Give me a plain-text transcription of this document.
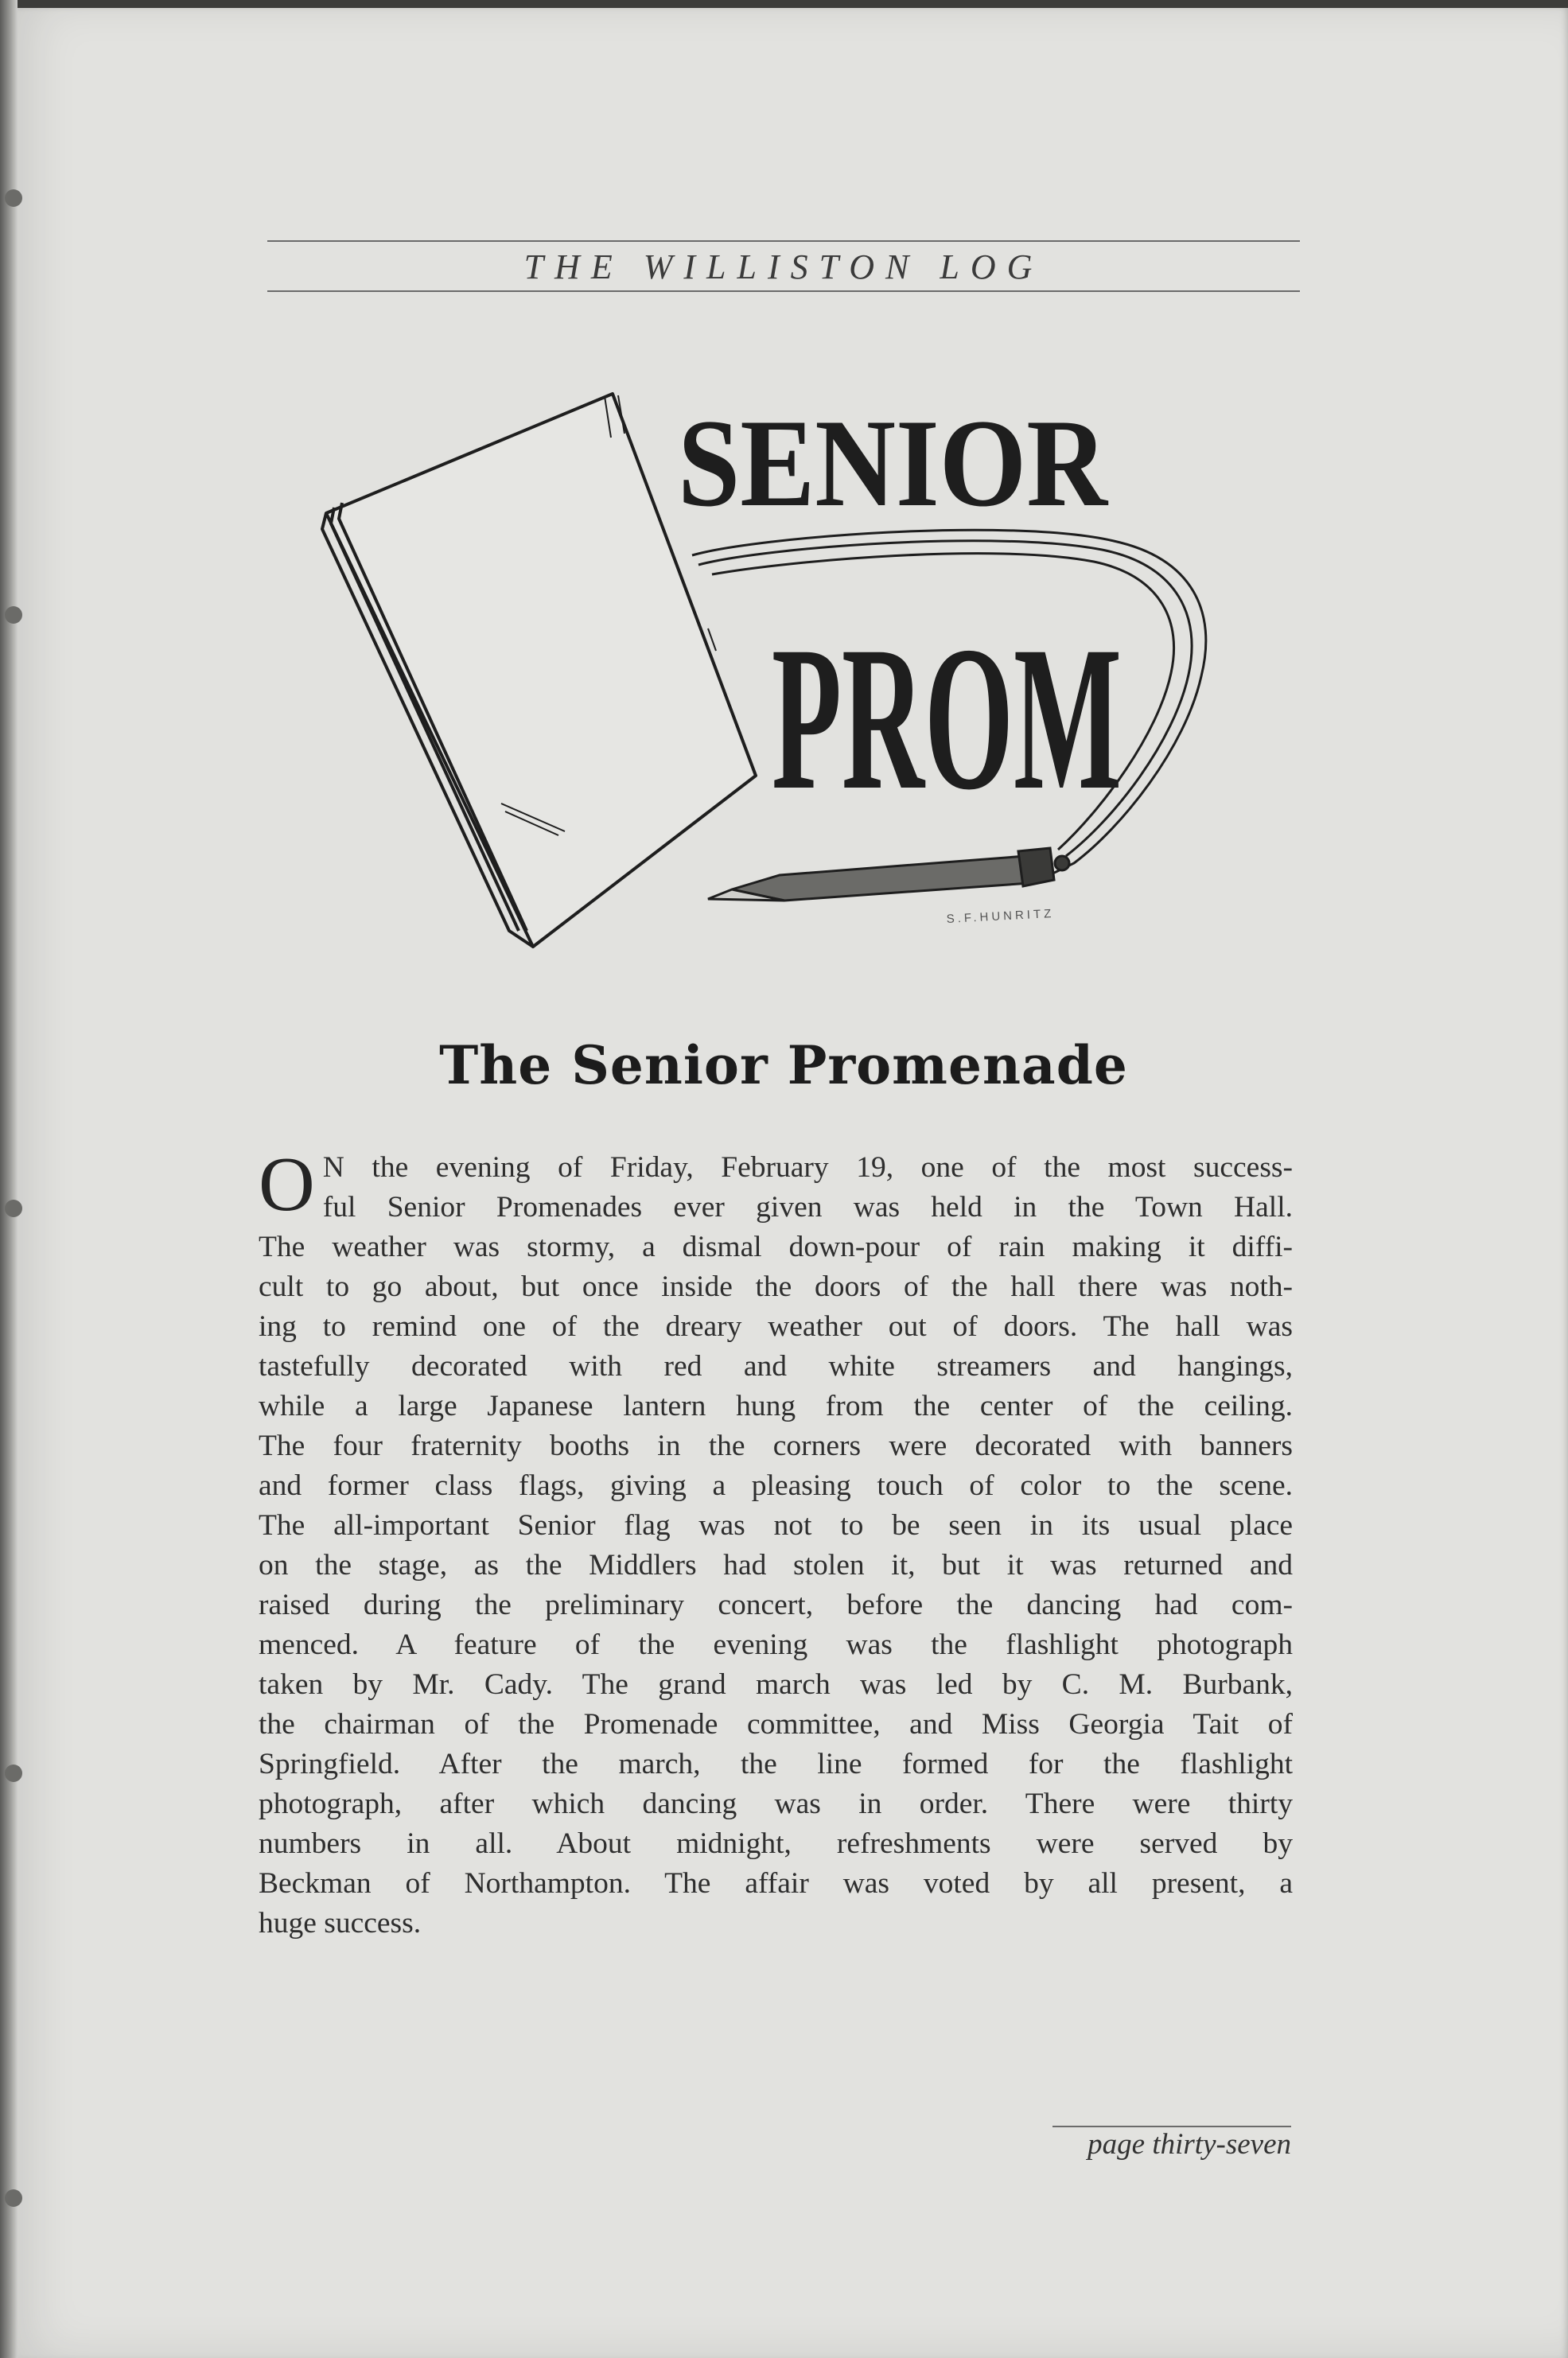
THE WILLISTON LOG
S.F.HUNRITZ
SENIOR
PROM
The Senior Promenade
O N the evening of Friday, February 19, one of the most success-
ful Senior Promenades ever given was held in the Town Hall.
The weather was stormy, a dismal down-pour of rain making it diffi-
cult to go about, but once inside the doors of the hall there was noth-
ing to remind one of the dreary weather out of doors. The hall was
tastefully decorated with red and white streamers and hangings,
while a large Japanese lantern hung from the center of the ceiling.
The four fraternity booths in the corners were decorated with banners
and former class flags, giving a pleasing touch of color to the scene.
The all-important Senior flag was not to be seen in its usual place
on the stage, as the Middlers had stolen it, but it was returned and
raised during the preliminary concert, before the dancing had com-
menced. A feature of the evening was the flashlight photograph
taken by Mr. Cady. The grand march was led by C. M. Burbank,
the chairman of the Promenade committee, and Miss Georgia Tait of
Springfield. After the march, the line formed for the flashlight
photograph, after which dancing was in order. There were thirty
numbers in all. About midnight, refreshments were served by
Beckman of Northampton. The affair was voted by all present, a
huge success.
page thirty-seven
